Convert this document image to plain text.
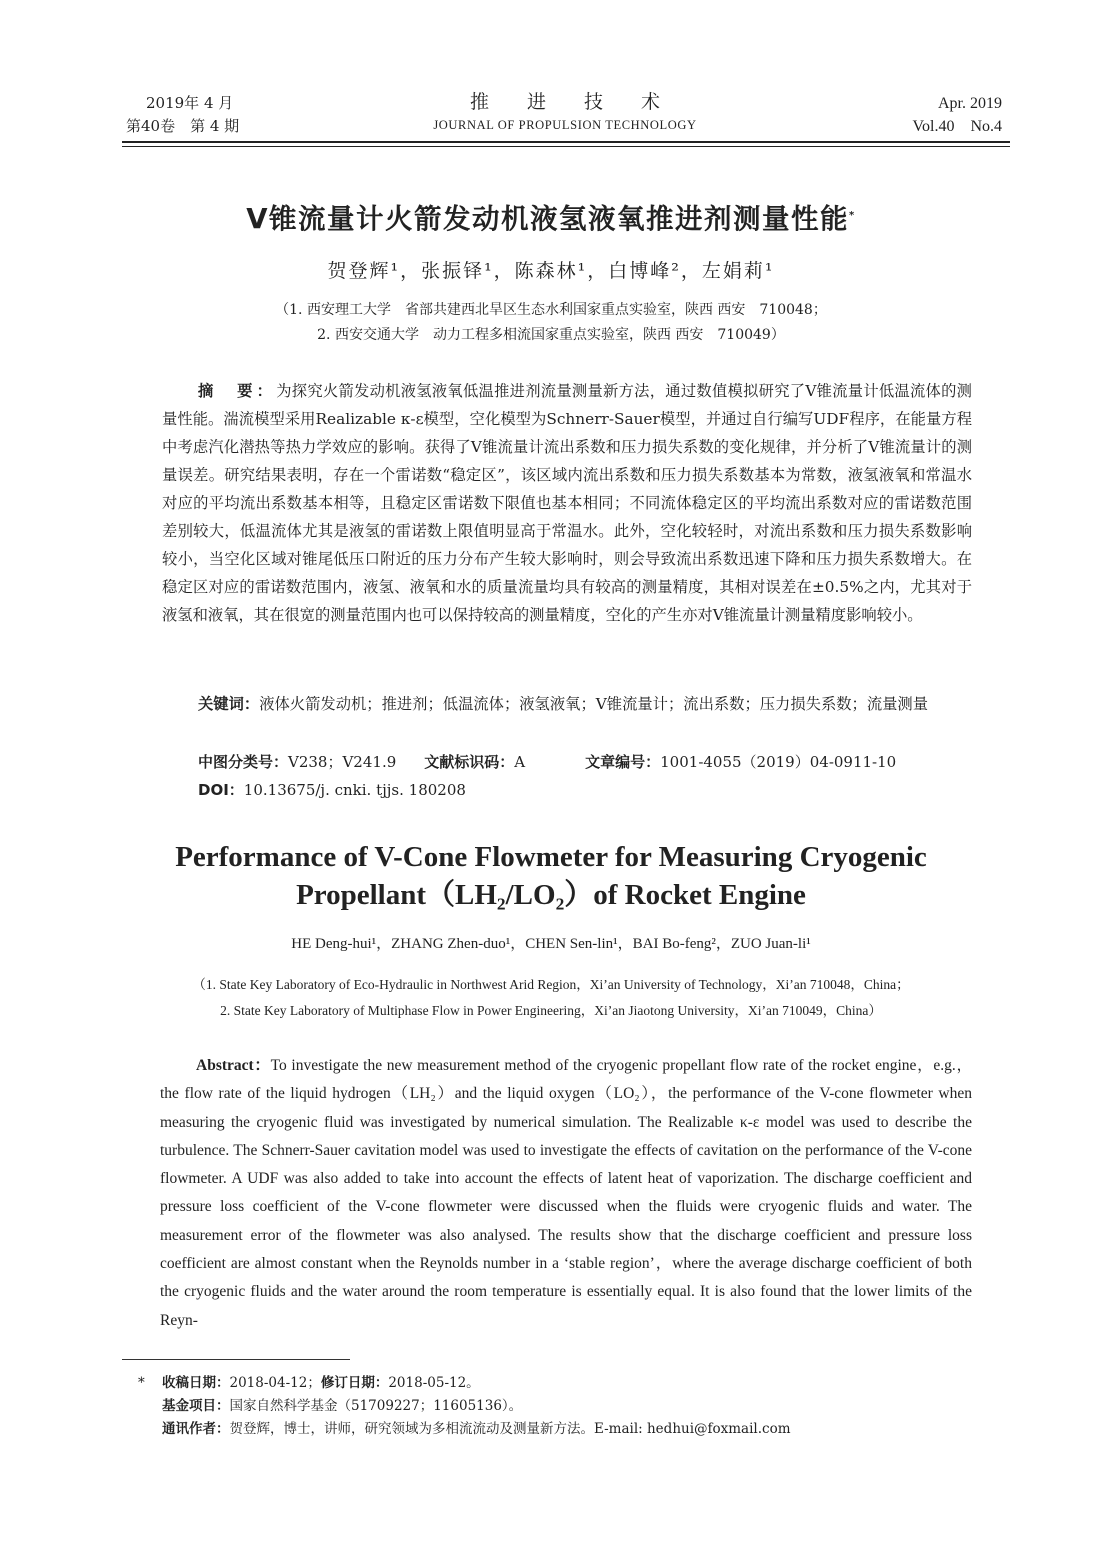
2019年 4 月
第40卷　第 4 期
推 进 技 术
JOURNAL OF PROPULSION TECHNOLOGY
Apr. 2019
Vol.40　No.4
V锥流量计火箭发动机液氢液氧推进剂测量性能*
贺登辉¹，张振铎¹，陈森林¹，白博峰²，左娟莉¹
（1. 西安理工大学　省部共建西北旱区生态水利国家重点实验室，陕西 西安　710048；
2. 西安交通大学　动力工程多相流国家重点实验室，陕西 西安　710049）
摘　要：为探究火箭发动机液氢液氧低温推进剂流量测量新方法，通过数值模拟研究了V锥流量计低温流体的测量性能。湍流模型采用Realizable κ-ε模型，空化模型为Schnerr-Sauer模型，并通过自行编写UDF程序，在能量方程中考虑汽化潜热等热力学效应的影响。获得了V锥流量计流出系数和压力损失系数的变化规律，并分析了V锥流量计的测量误差。研究结果表明，存在一个雷诺数“稳定区”，该区域内流出系数和压力损失系数基本为常数，液氢液氧和常温水对应的平均流出系数基本相等，且稳定区雷诺数下限值也基本相同；不同流体稳定区的平均流出系数对应的雷诺数范围差别较大，低温流体尤其是液氢的雷诺数上限值明显高于常温水。此外，空化较轻时，对流出系数和压力损失系数影响较小，当空化区域对锥尾低压口附近的压力分布产生较大影响时，则会导致流出系数迅速下降和压力损失系数增大。在稳定区对应的雷诺数范围内，液氢、液氧和水的质量流量均具有较高的测量精度，其相对误差在±0.5%之内，尤其对于液氢和液氧，其在很宽的测量范围内也可以保持较高的测量精度，空化的产生亦对V锥流量计测量精度影响较小。
关键词：液体火箭发动机；推进剂；低温流体；液氢液氧；V锥流量计；流出系数；压力损失系数；流量测量
中图分类号：V238；V241.9 文献标识码：A	文章编号：1001-4055（2019）04-0911-10
DOI：10.13675/j. cnki. tjjs. 180208
Performance of V-Cone Flowmeter for Measuring Cryogenic
Propellant（LH₂/LO₂）of Rocket Engine
HE Deng-hui¹，ZHANG Zhen-duo¹，CHEN Sen-lin¹，BAI Bo-feng²，ZUO Juan-li¹
（1. State Key Laboratory of Eco-Hydraulic in Northwest Arid Region，Xi’an University of Technology，Xi’an 710048，China；
2. State Key Laboratory of Multiphase Flow in Power Engineering，Xi’an Jiaotong University，Xi’an 710049，China）
Abstract：To investigate the new measurement method of the cryogenic propellant flow rate of the rocket engine，e.g.，the flow rate of the liquid hydrogen（LH₂）and the liquid oxygen（LO₂），the performance of the V-cone flowmeter when measuring the cryogenic fluid was investigated by numerical simulation. The Realizable κ-ε model was used to describe the turbulence. The Schnerr-Sauer cavitation model was used to investigate the effects of cavitation on the performance of the V-cone flowmeter. A UDF was also added to take into account the effects of latent heat of vaporization. The discharge coefficient and pressure loss coefficient of the V-cone flowmeter were discussed when the fluids were cryogenic fluids and water. The measurement error of the flowmeter was also analysed. The results show that the discharge coefficient and pressure loss coefficient are almost constant when the Reynolds number in a ‘stable region’，where the average discharge coefficient of both the cryogenic fluids and the water around the room temperature is essentially equal. It is also found that the lower limits of the Reyn-
* 收稿日期：2018-04-12；修订日期：2018-05-12。
基金项目：国家自然科学基金（51709227；11605136）。
通讯作者：贺登辉，博士，讲师，研究领域为多相流流动及测量新方法。E-mail: hedhui@foxmail.com
